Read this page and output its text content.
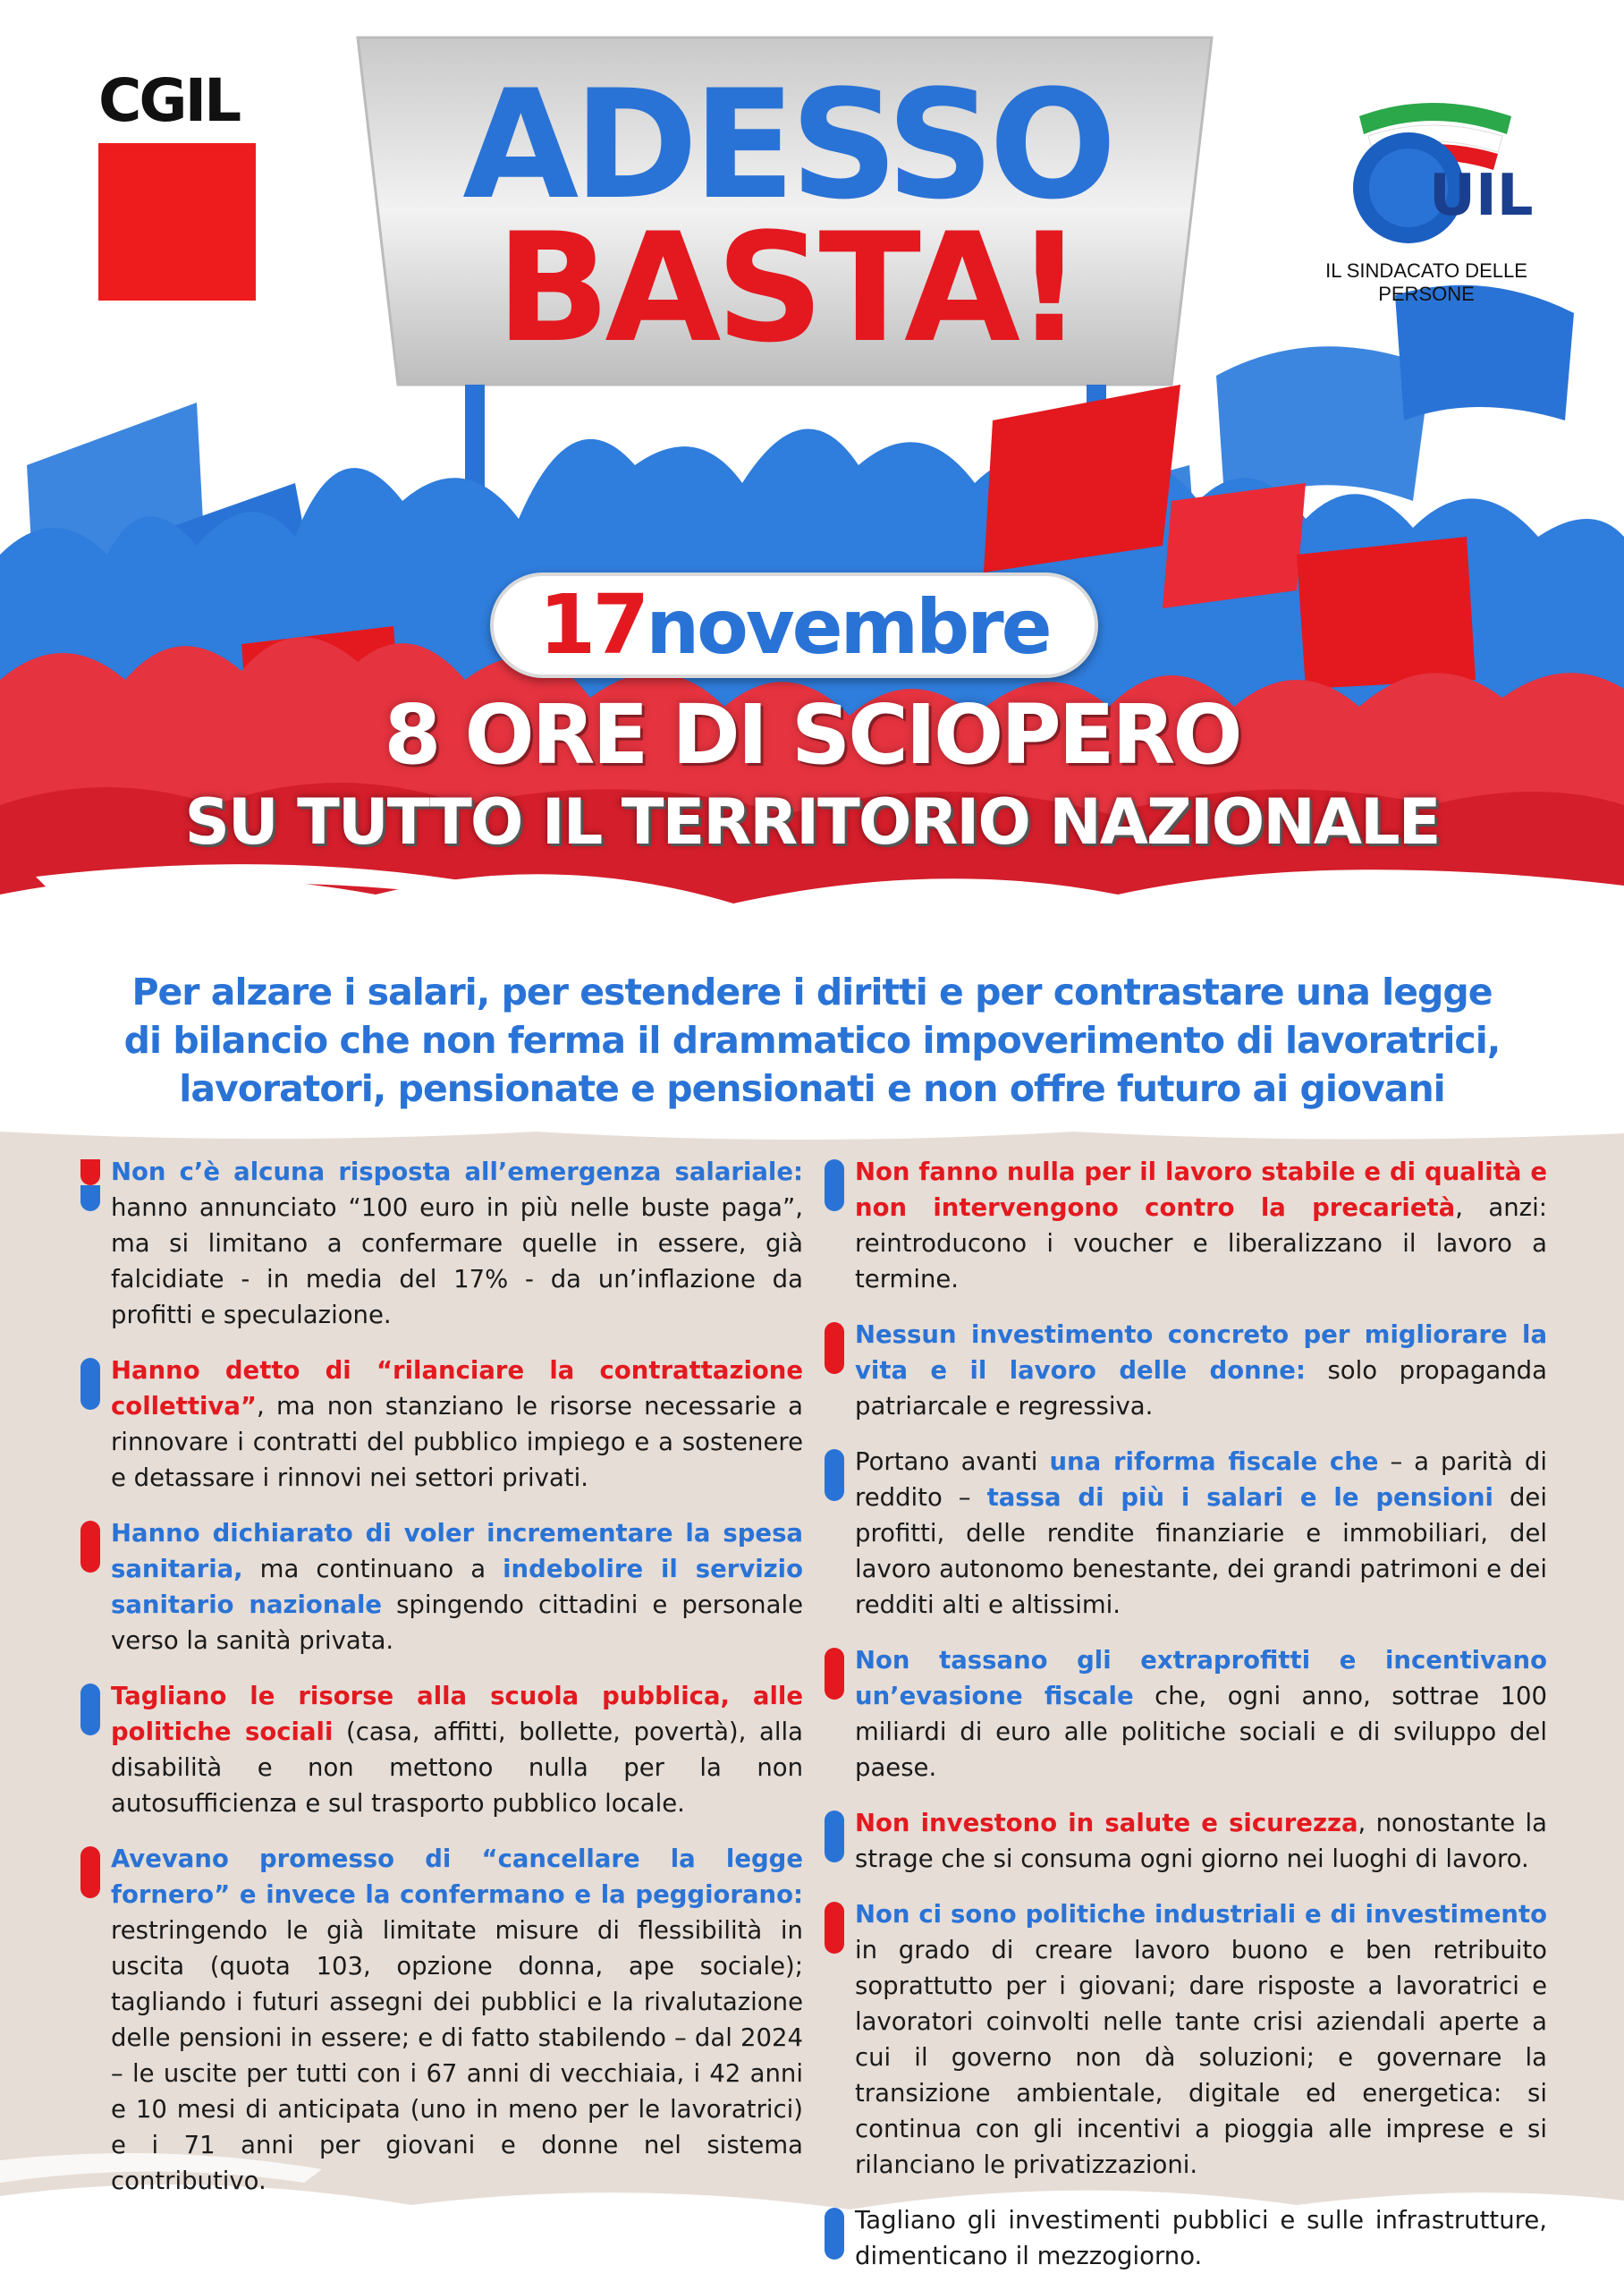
CGIL	ADESSO
BASTA!
UIL
IL SINDACATO DELLE PERSONE
17novembre
8 ORE DI SCIOPERO
SU TUTTO IL TERRITORIO NAZIONALE
Per alzare i salari, per estendere i diritti e per contrastare una legge
di bilancio che non ferma il drammatico impoverimento di lavoratrici,
lavoratori, pensionate e pensionati e non offre futuro ai giovani

Non c’è alcuna risposta all’emergenza salariale: hanno annunciato “100 euro in più nelle buste paga”, ma si limitano a confermare quelle in essere, già falcidiate - in media del 17% - da un’inflazione da profitti e speculazione.

Hanno detto di “rilanciare la contrattazione collettiva”, ma non stanziano le risorse necessarie a rinnovare i contratti del pubblico impiego e a sostenere e detassare i rinnovi nei settori privati.

Hanno dichiarato di voler incrementare la spesa sanitaria, ma continuano a indebolire il servizio sanitario nazionale spingendo cittadini e personale verso la sanità privata.

Tagliano le risorse alla scuola pubblica, alle politiche sociali (casa, affitti, bollette, povertà), alla disabilità e non mettono nulla per la non autosufficienza e sul trasporto pubblico locale.

Avevano promesso di “cancellare la legge fornero” e invece la confermano e la peggiorano: restringendo le già limitate misure di flessibilità in uscita (quota 103, opzione donna, ape sociale); tagliando i futuri assegni dei pubblici e la rivalutazione delle pensioni in essere; e di fatto stabilendo – dal 2024 – le uscite per tutti con i 67 anni di vecchiaia, i 42 anni e 10 mesi di anticipata (uno in meno per le lavoratrici) e i 71 anni per giovani e donne nel sistema contributivo.

Non fanno nulla per il lavoro stabile e di qualità e non intervengono contro la precarietà, anzi: reintroducono i voucher e liberalizzano il lavoro a termine.

Nessun investimento concreto per migliorare la vita e il lavoro delle donne: solo propaganda patriarcale e regressiva.

Portano avanti una riforma fiscale che – a parità di reddito – tassa di più i salari e le pensioni dei profitti, delle rendite finanziarie e immobiliari, del lavoro autonomo benestante, dei grandi patrimoni e dei redditi alti e altissimi.

Non tassano gli extraprofitti e incentivano un’evasione fiscale che, ogni anno, sottrae 100 miliardi di euro alle politiche sociali e di sviluppo del paese.

Non investono in salute e sicurezza, nonostante la strage che si consuma ogni giorno nei luoghi di lavoro.

Non ci sono politiche industriali e di investimento in grado di creare lavoro buono e ben retribuito soprattutto per i giovani; dare risposte a lavoratrici e lavoratori coinvolti nelle tante crisi aziendali aperte a cui il governo non dà soluzioni; e governare la transizione ambientale, digitale ed energetica: si continua con gli incentivi a pioggia alle imprese e si rilanciano le privatizzazioni.

Tagliano gli investimenti pubblici e sulle infrastrutture, dimenticano il mezzogiorno.
